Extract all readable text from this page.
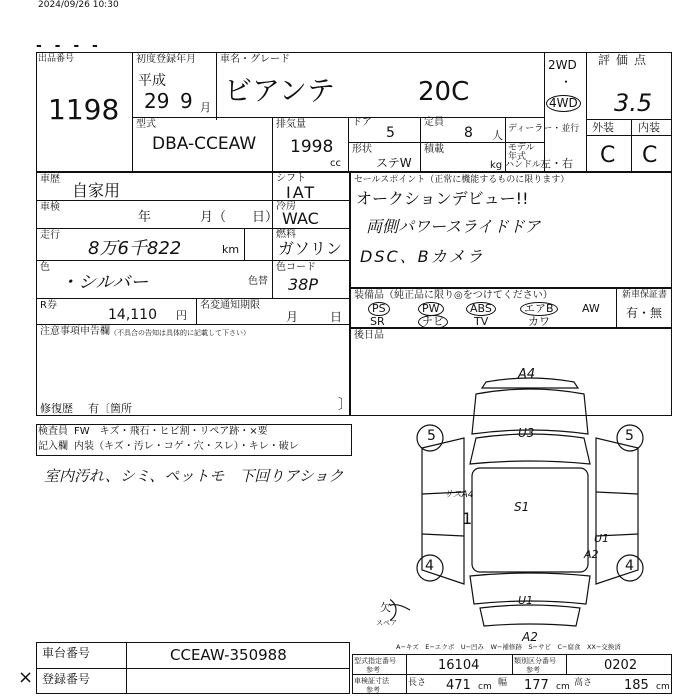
2024/09/26 10:30
- - - -
出品番号
1198
初度登録年月
平成
29 9 月
車名・グレード
ビアンテ	20C
2WD
・
4WD
評価点
3.5
外装 内装
C C
型式
DBA-CCEAW
排気量
1998
cc
ドア
5
定員
8 人 ディーラー・並行
形状
ステW
積載
kg
モデル年式
ハンドル
左・右
車歴
自家用
車検
年	月（ 日）
走行
8万6千822	km
シフト
IAT
冷房
WAC
燃料
ガソリン
色
・シルバー	色替
色コード
38P
R券
14,110 円
名変通知期限
月	日
注意事項申告欄 （不具合の告知は具体的に記載して下さい）
修復歴 有〔箇所	〕
セールスポイント（正常に機能するものに限ります）
オークションデビュー!!
両側パワースライドドア
DSC、Bカメラ
装備品（純正品に限り◎をつけてください）
PS	PW	ABS	エアB	AW
SR	ナビ	TV	カワ
新車保証書
有・無
後日品
検査員
記入欄
FW　キズ・飛石・ヒビ割・リペア跡・×要
内装（キズ・汚レ・コゲ・穴・スレ）・キレ・破レ
室内汚れ、シミ、ペットモ　下回りアショク
A4
U3
S1
U1
A2
U1
A2
サスA4
1
5	5
4	4
欠
スペア
A−キズ　E−エクボ　U−凹み　W−補修跡　S−サビ　C−腐食　XX−交換済
車台番号	CCEAW-350988
登録番号
×
型式指定番号
参考	16104	類別区分番号
参考	0202
車検証寸法
参考
長さ 471 cm 幅 177 cm 高さ 185 cm
